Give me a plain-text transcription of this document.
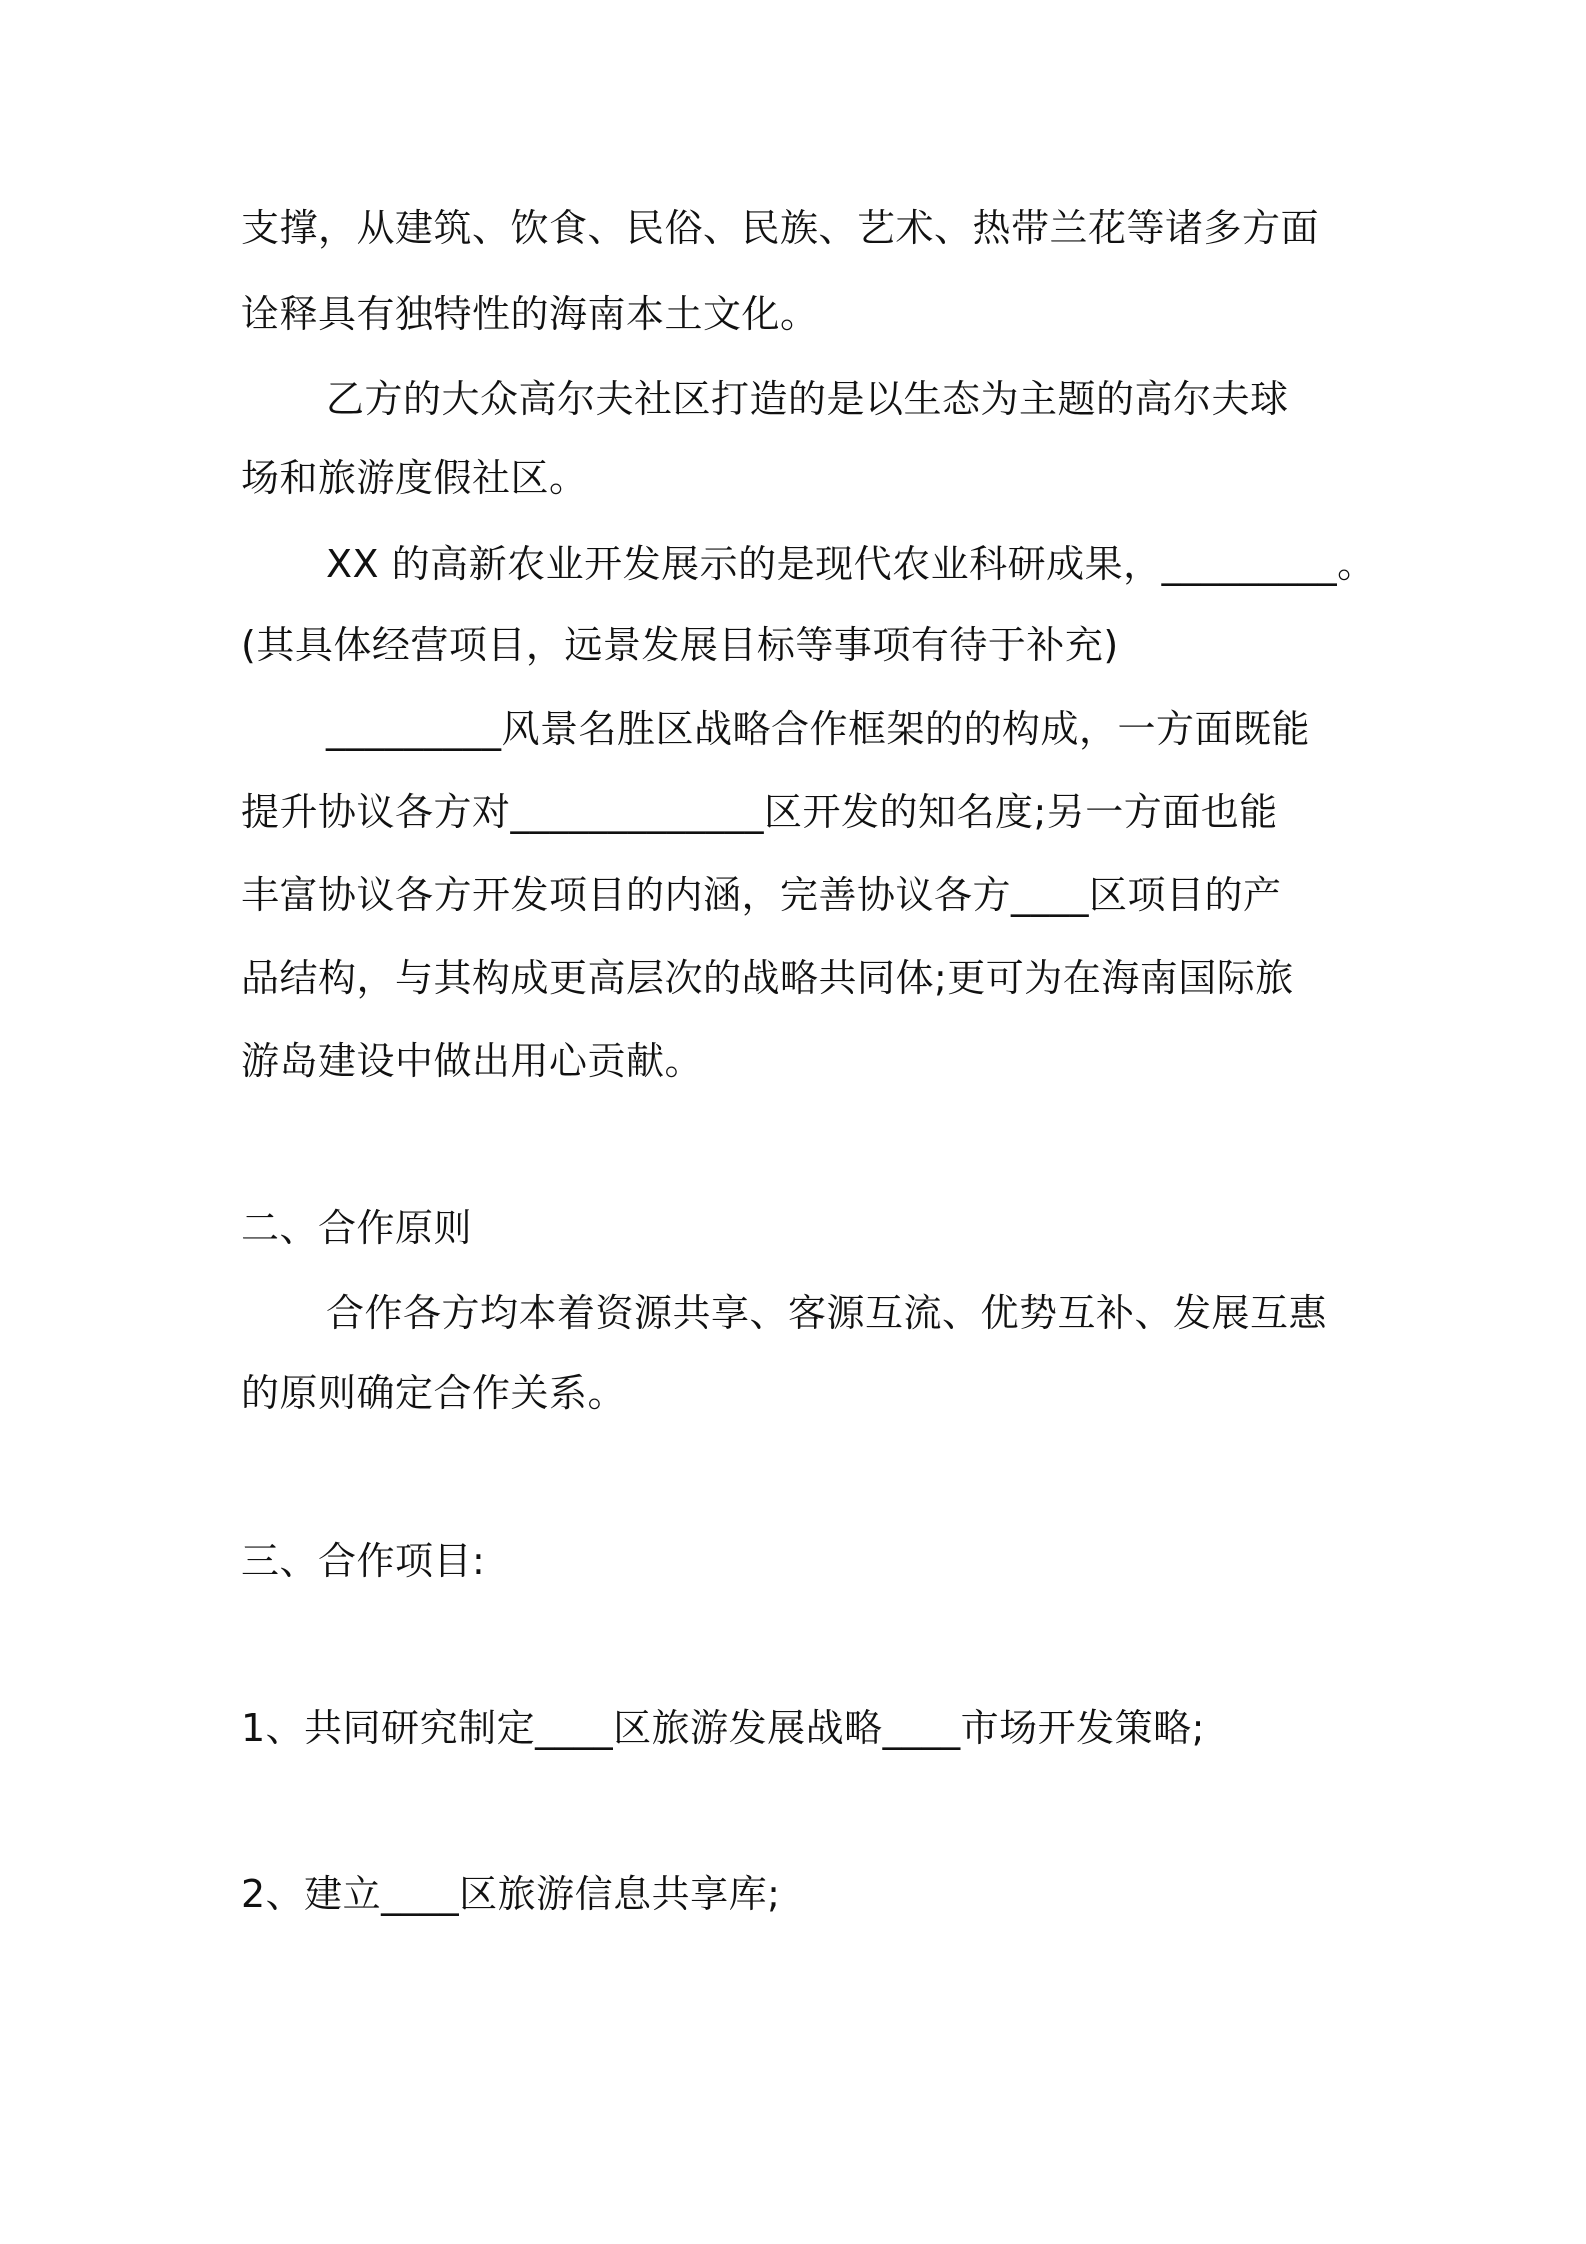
支撑，从建筑、饮食、民俗、民族、艺术、热带兰花等诸多方面
诠释具有独特性的海南本土文化。
乙方的大众高尔夫社区打造的是以生态为主题的高尔夫球
场和旅游度假社区。
XX 的高新农业开发展示的是现代农业科研成果，_________。
(其具体经营项目，远景发展目标等事项有待于补充)
_________风景名胜区战略合作框架的的构成，一方面既能
提升协议各方对_____________区开发的知名度;另一方面也能
丰富协议各方开发项目的内涵，完善协议各方____区项目的产
品结构，与其构成更高层次的战略共同体;更可为在海南国际旅
游岛建设中做出用心贡献。
二、合作原则
合作各方均本着资源共享、客源互流、优势互补、发展互惠
的原则确定合作关系。
三、合作项目:
1、共同研究制定____区旅游发展战略____市场开发策略;
2、建立____区旅游信息共享库;
